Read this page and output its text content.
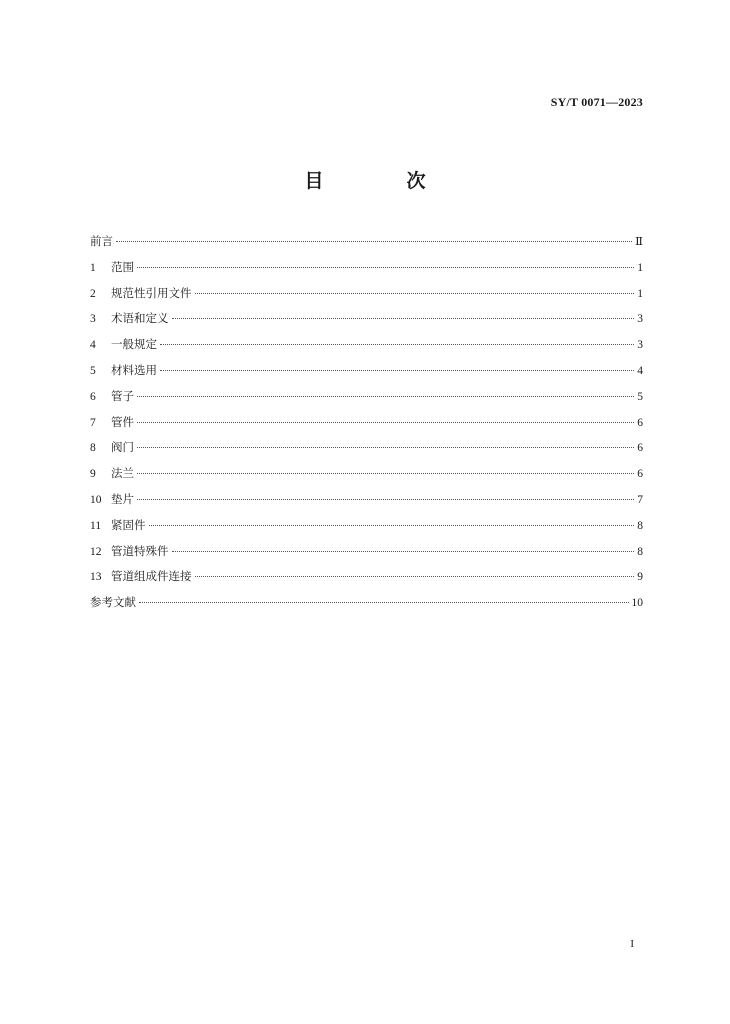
SY/T 0071—2023
目　次
前言	Ⅱ
1	范围	1
2	规范性引用文件	1
3	术语和定义	3
4	一般规定	3
5	材料选用	4
6	管子	5
7	管件	6
8	阀门	6
9	法兰	6
10 垫片	7
11 紧固件	8
12 管道特殊件	8
13 管道组成件连接	9
参考文献	10
I
